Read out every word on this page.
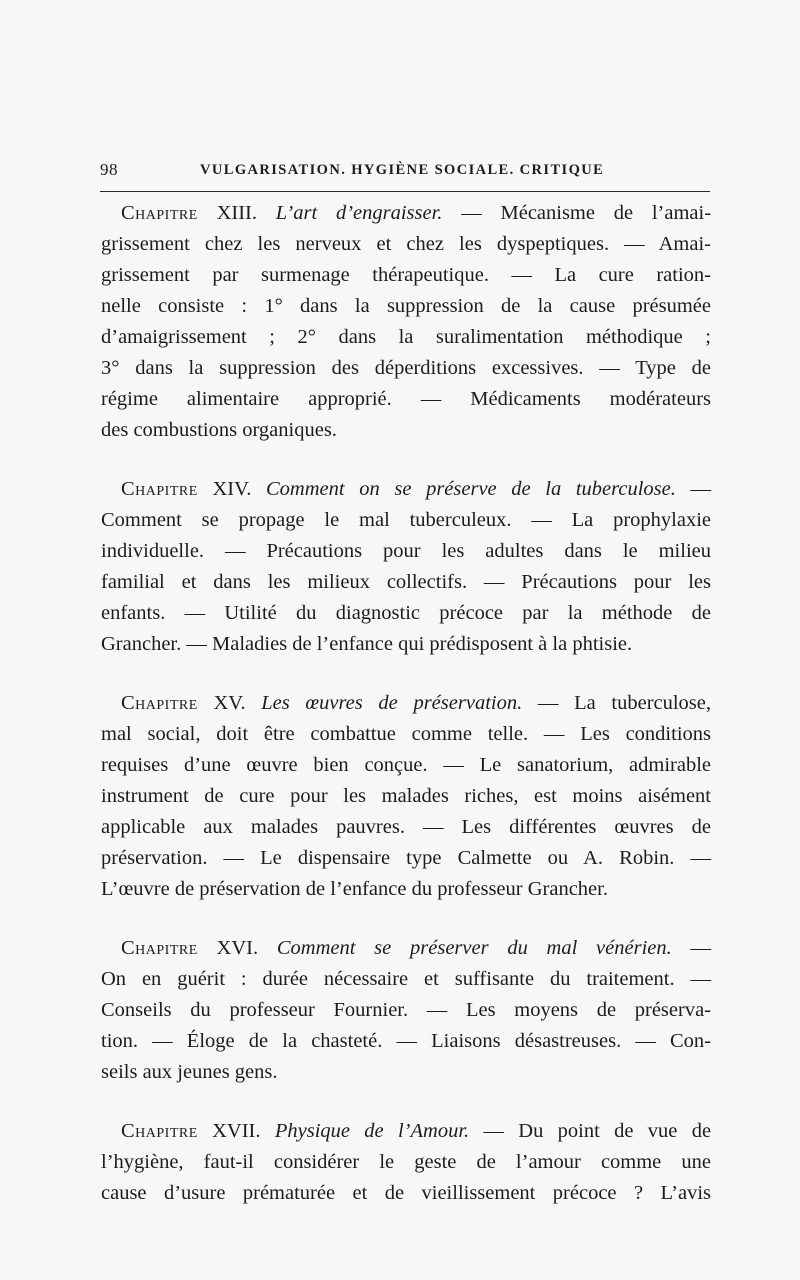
98	VULGARISATION. HYGIÈNE SOCIALE. CRITIQUE
Chapitre XIII. L’art d’engraisser. — Mécanisme de l’amai-
grissement chez les nerveux et chez les dyspeptiques. — Amai-
grissement par surmenage thérapeutique. — La cure ration-
nelle consiste : 1° dans la suppression de la cause présumée
d’amaigrissement ; 2° dans la suralimentation méthodique ;
3° dans la suppression des déperditions excessives. — Type de
régime alimentaire approprié. — Médicaments modérateurs
des combustions organiques.
Chapitre XIV. Comment on se préserve de la tuberculose. —
Comment se propage le mal tuberculeux. — La prophylaxie
individuelle. — Précautions pour les adultes dans le milieu
familial et dans les milieux collectifs. — Précautions pour les
enfants. — Utilité du diagnostic précoce par la méthode de
Grancher. — Maladies de l’enfance qui prédisposent à la phtisie.
Chapitre XV. Les œuvres de préservation. — La tuberculose,
mal social, doit être combattue comme telle. — Les conditions
requises d’une œuvre bien conçue. — Le sanatorium, admirable
instrument de cure pour les malades riches, est moins aisément
applicable aux malades pauvres. — Les différentes œuvres de
préservation. — Le dispensaire type Calmette ou A. Robin. —
L’œuvre de préservation de l’enfance du professeur Grancher.
Chapitre XVI. Comment se préserver du mal vénérien. —
On en guérit : durée nécessaire et suffisante du traitement. —
Conseils du professeur Fournier. — Les moyens de préserva-
tion. — Éloge de la chasteté. — Liaisons désastreuses. — Con-
seils aux jeunes gens.
Chapitre XVII. Physique de l’Amour. — Du point de vue de
l’hygiène, faut-il considérer le geste de l’amour comme une
cause d’usure prématurée et de vieillissement précoce ? L’avis
